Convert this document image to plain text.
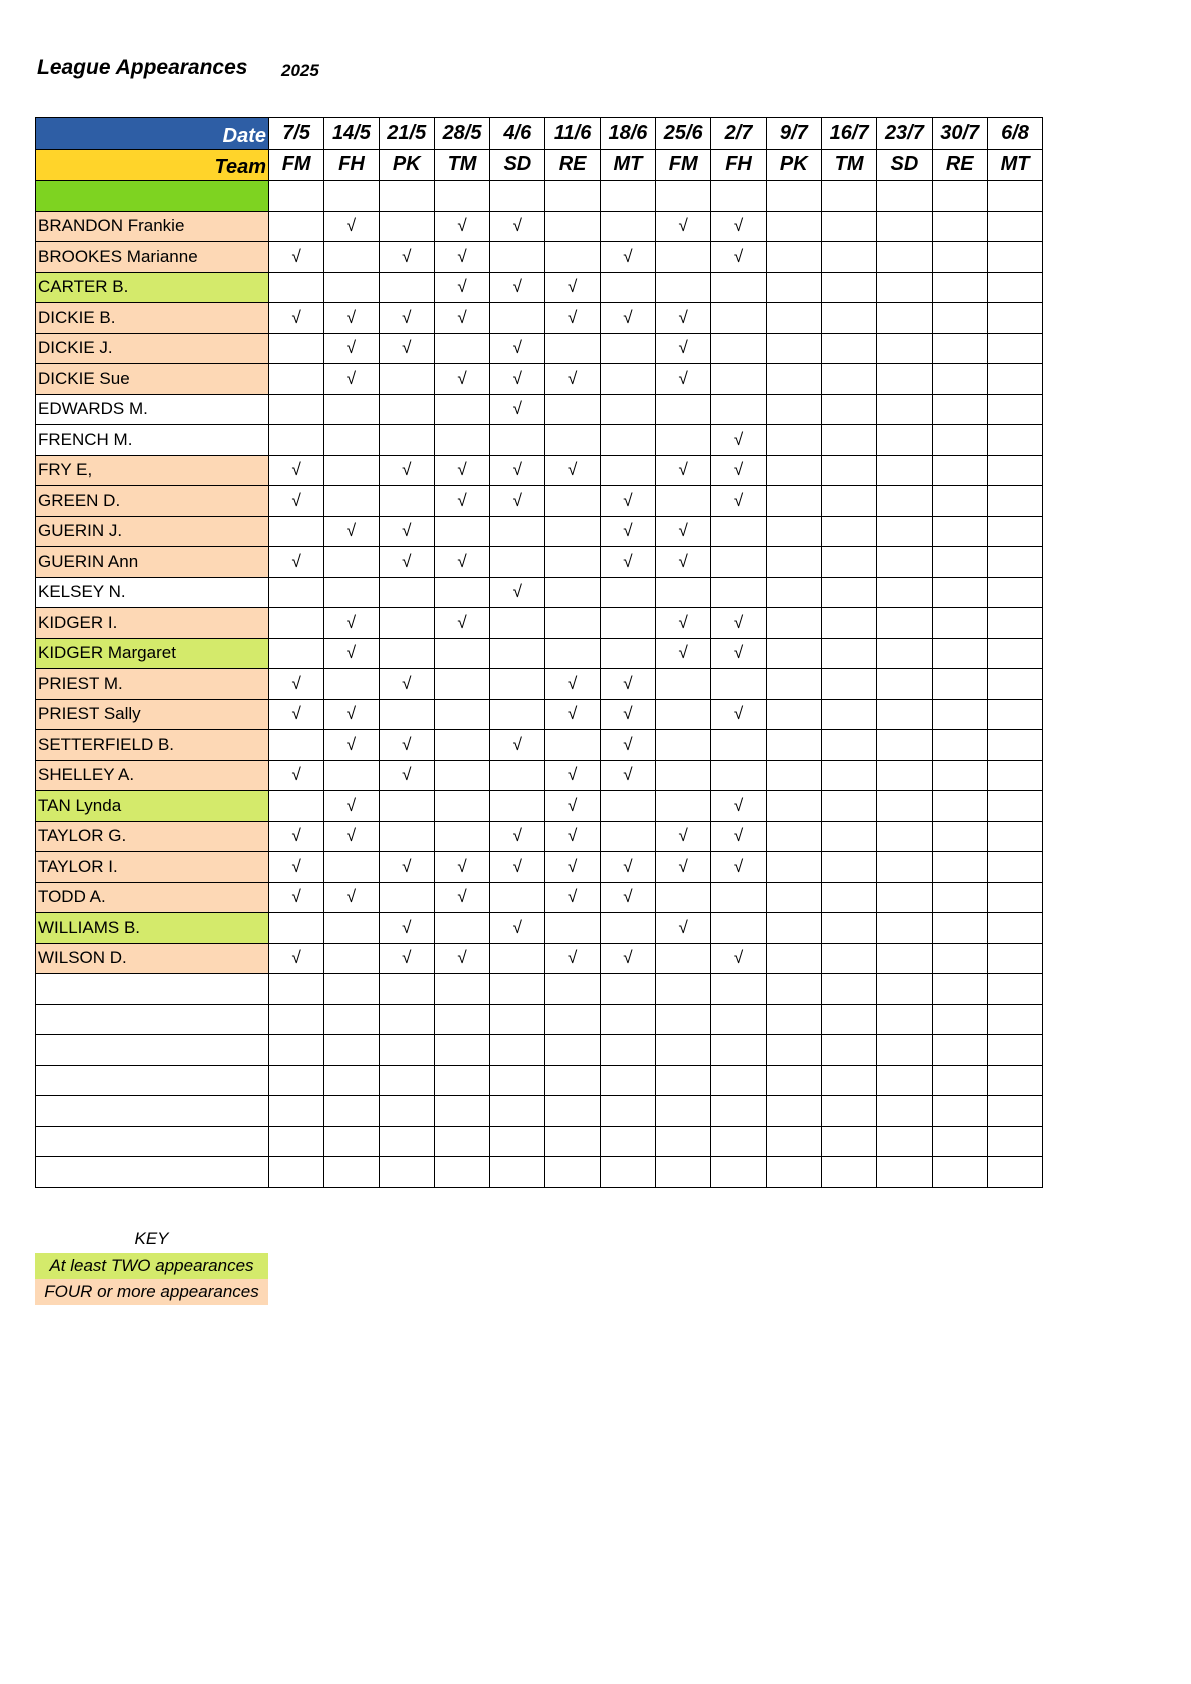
League Appearances 2025
Date	7/5	14/5	21/5	28/5	4/6	11/6	18/6	25/6	2/7	9/7	16/7	23/7	30/7	6/8
Team	FM	FH	PK	TM	SD	RE	MT	FM	FH	PK	TM	SD	RE	MT

BRANDON Frankie		√		√	√			√	√					
BROOKES Marianne	√		√	√			√		√					
CARTER B.				√	√	√								
DICKIE B.	√	√	√	√		√	√	√						
DICKIE J.		√	√		√			√						
DICKIE Sue		√		√	√	√		√						
EDWARDS M.					√									
FRENCH M.									√					
FRY E,	√		√	√	√	√		√	√					
GREEN D.	√			√	√		√		√					
GUERIN J.		√	√				√	√						
GUERIN Ann	√		√	√			√	√						
KELSEY N.					√									
KIDGER I.		√		√				√	√					
KIDGER Margaret		√						√	√					
PRIEST M.	√		√			√	√							
PRIEST Sally	√	√				√	√		√					
SETTERFIELD B.		√	√		√		√							
SHELLEY A.	√		√			√	√							
TAN Lynda		√				√			√					
TAYLOR G.	√	√			√	√		√	√					
TAYLOR I.	√		√	√	√	√	√	√	√					
TODD A.	√	√		√		√	√							
WILLIAMS B.			√		√			√						
WILSON D.	√		√	√		√	√		√					

KEY
At least TWO appearances
FOUR or more appearances
